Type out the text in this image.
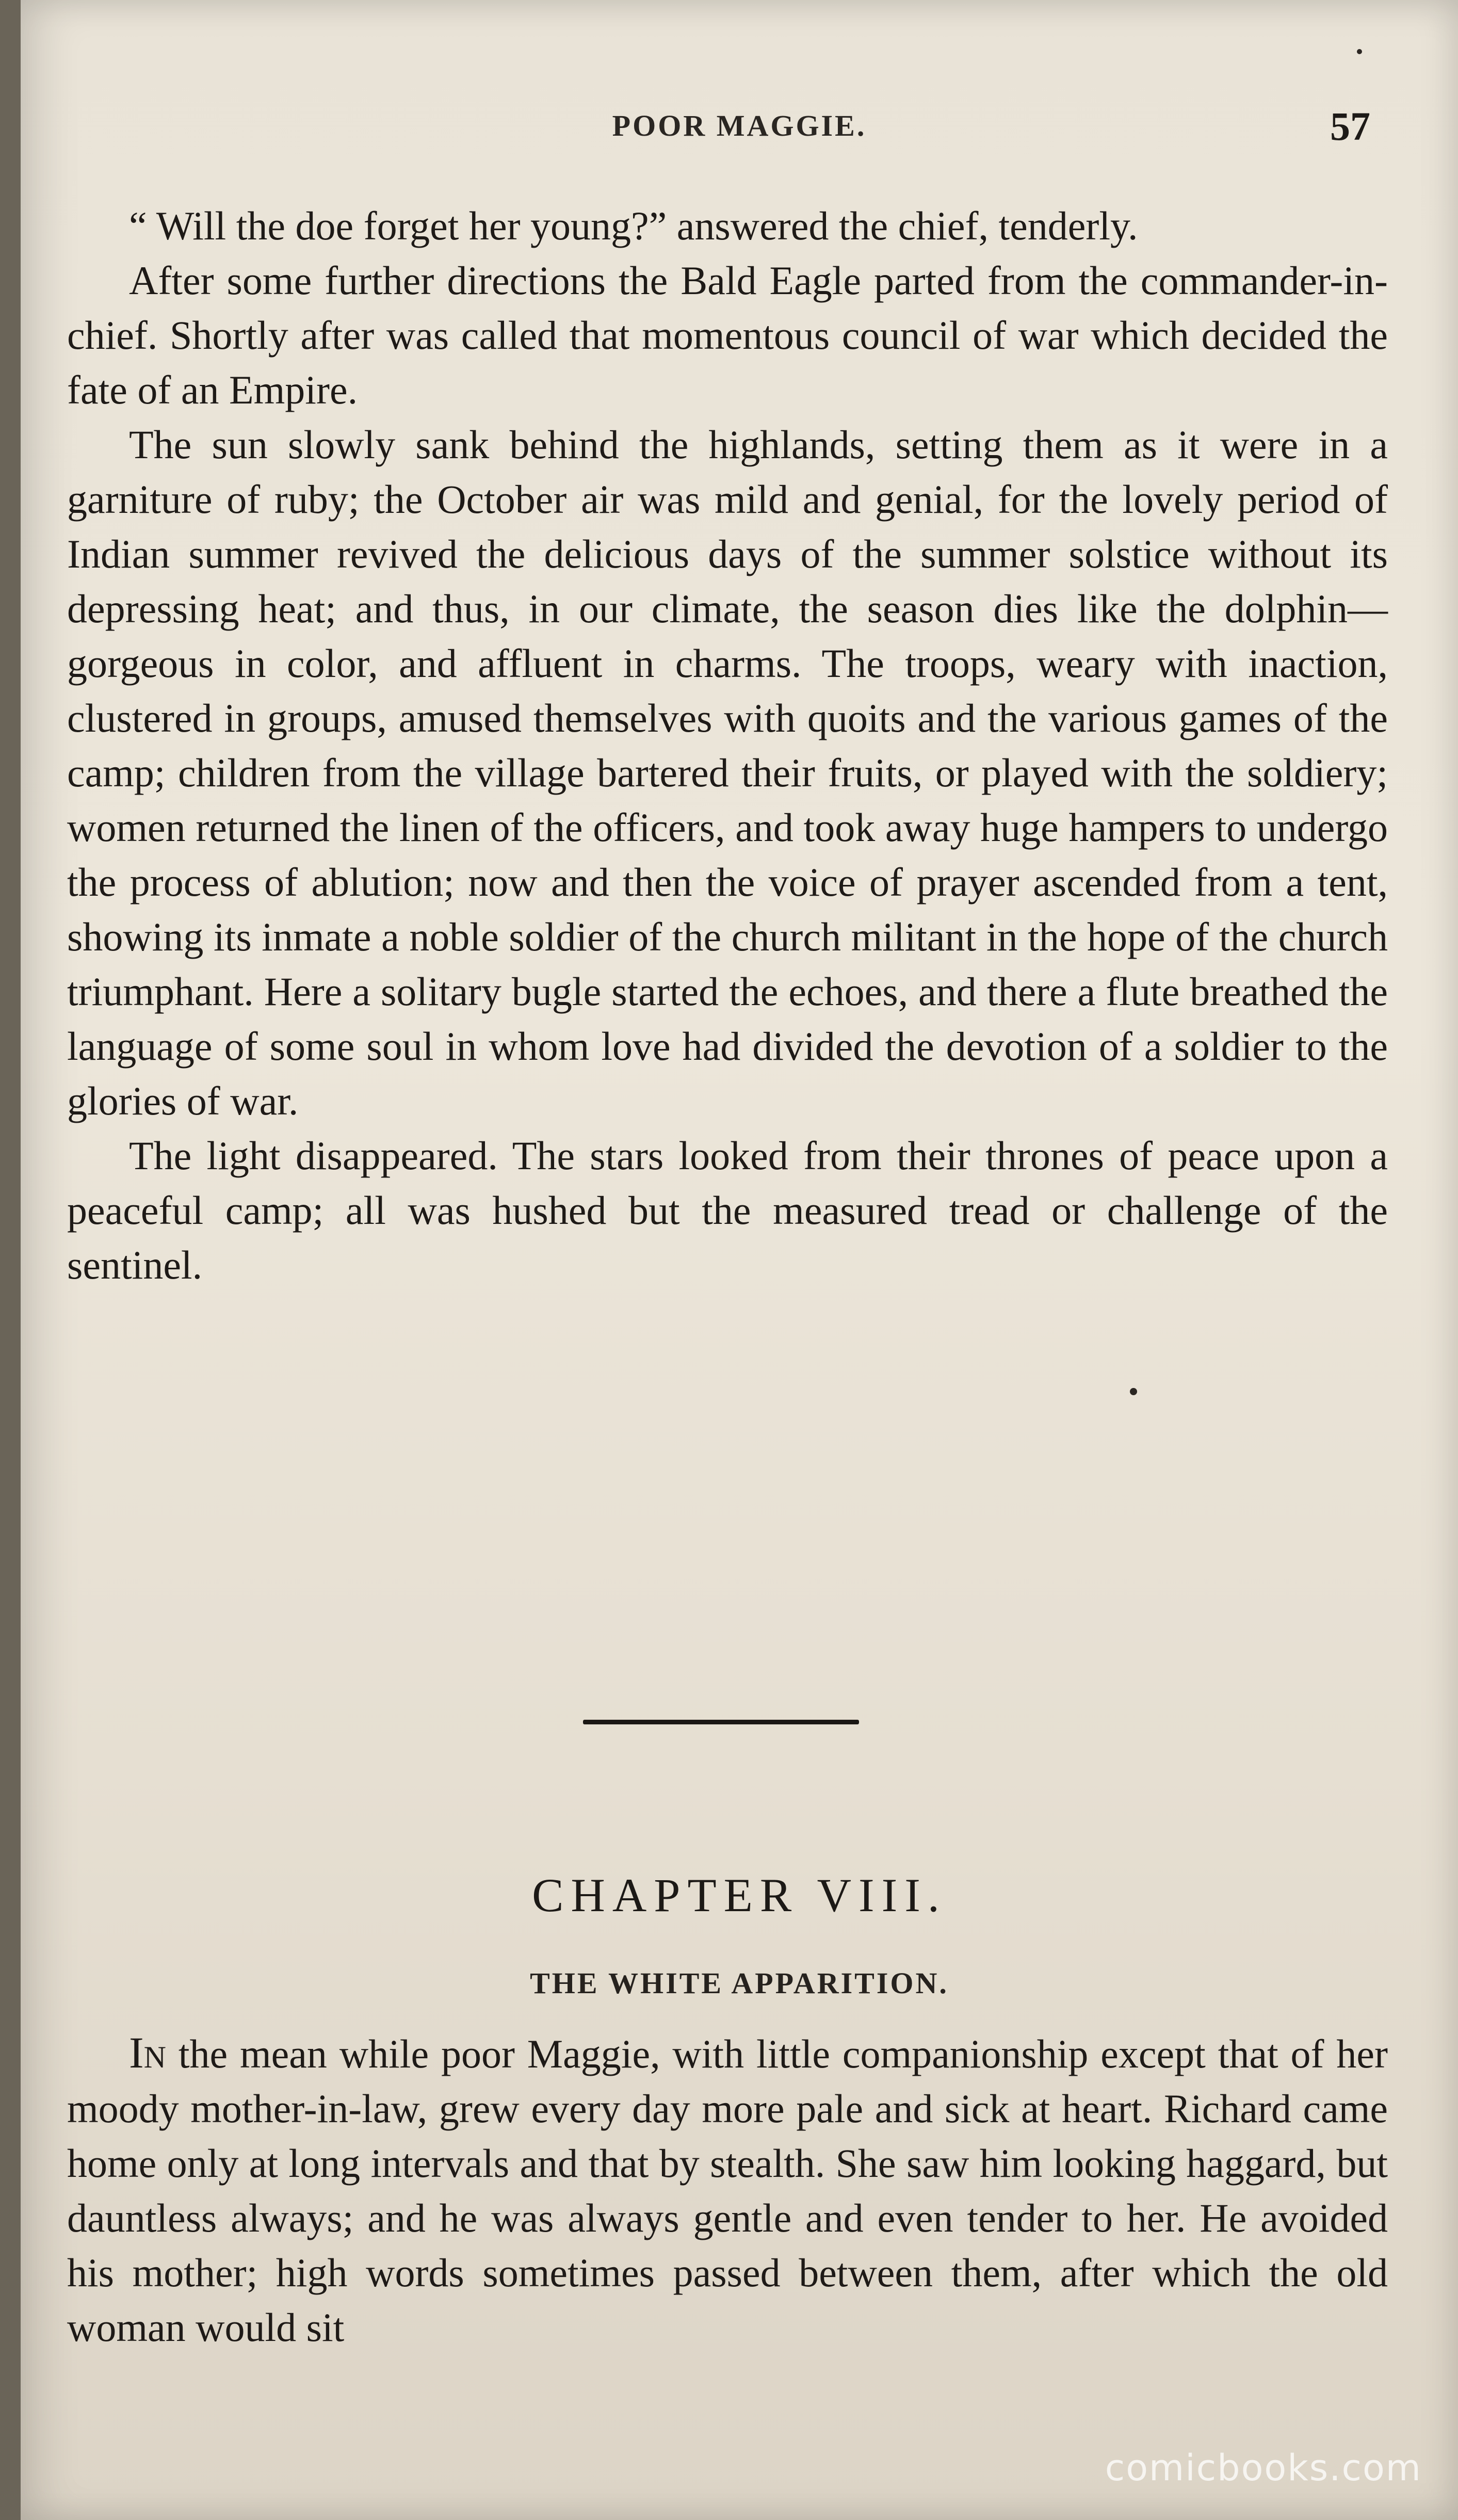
POOR MAGGIE.	57

“ Will the doe forget her young?” answered the chief, tenderly.

After some further directions the Bald Eagle parted from the commander-in-chief. Shortly after was called that momentous council of war which decided the fate of an Empire.

The sun slowly sank behind the highlands, setting them as it were in a garniture of ruby; the October air was mild and genial, for the lovely period of Indian summer revived the delicious days of the summer solstice without its depressing heat; and thus, in our climate, the season dies like the dolphin—gorgeous in color, and affluent in charms. The troops, weary with inaction, clustered in groups, amused themselves with quoits and the various games of the camp; children from the village bartered their fruits, or played with the soldiery; women returned the linen of the officers, and took away huge hampers to undergo the process of ablution; now and then the voice of prayer ascended from a tent, showing its inmate a noble soldier of the church militant in the hope of the church triumphant. Here a solitary bugle started the echoes, and there a flute breathed the language of some soul in whom love had divided the devotion of a soldier to the glories of war.

The light disappeared. The stars looked from their thrones of peace upon a peaceful camp; all was hushed but the measured tread or challenge of the sentinel.

CHAPTER VIII.
THE WHITE APPARITION.

In the mean while poor Maggie, with little companionship except that of her moody mother-in-law, grew every day more pale and sick at heart. Richard came home only at long intervals and that by stealth. She saw him looking haggard, but dauntless always; and he was always gentle and even tender to her. He avoided his mother; high words sometimes passed between them, after which the old woman would sit

comicbooks.com
